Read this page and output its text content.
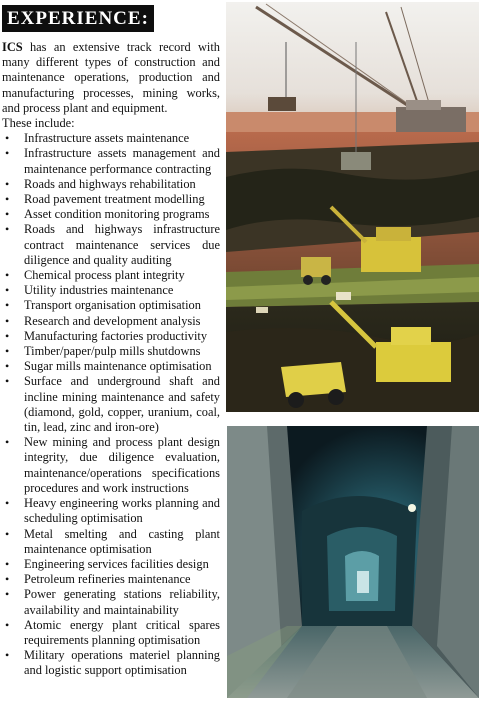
EXPERIENCE:

ICS has an extensive track record with many different types of construction and maintenance operations, production and manufacturing processes, mining works, and process plant and equipment.

These include:

• Infrastructure assets maintenance
• Infrastructure assets management and maintenance performance contracting
• Roads and highways rehabilitation
• Road pavement treatment modelling
• Asset condition monitoring programs
• Roads and highways infrastructure contract maintenance services due diligence and quality auditing
• Chemical process plant integrity
• Utility industries maintenance
• Transport organisation optimisation
• Research and development analysis
• Manufacturing factories productivity
• Timber/paper/pulp mills shutdowns
• Sugar mills maintenance optimisation
• Surface and underground shaft and incline mining maintenance and safety (diamond, gold, copper, uranium, coal, tin, lead, zinc and iron-ore)
• New mining and process plant design integrity, due diligence evaluation, maintenance/operations specifications procedures and work instructions
• Heavy engineering works planning and scheduling optimisation
• Metal smelting and casting plant maintenance optimisation
• Engineering services facilities design
• Petroleum refineries maintenance
• Power generating stations reliability, availability and maintainability
• Atomic energy plant critical spares requirements planning optimisation
• Military operations materiel planning and logistic support optimisation
